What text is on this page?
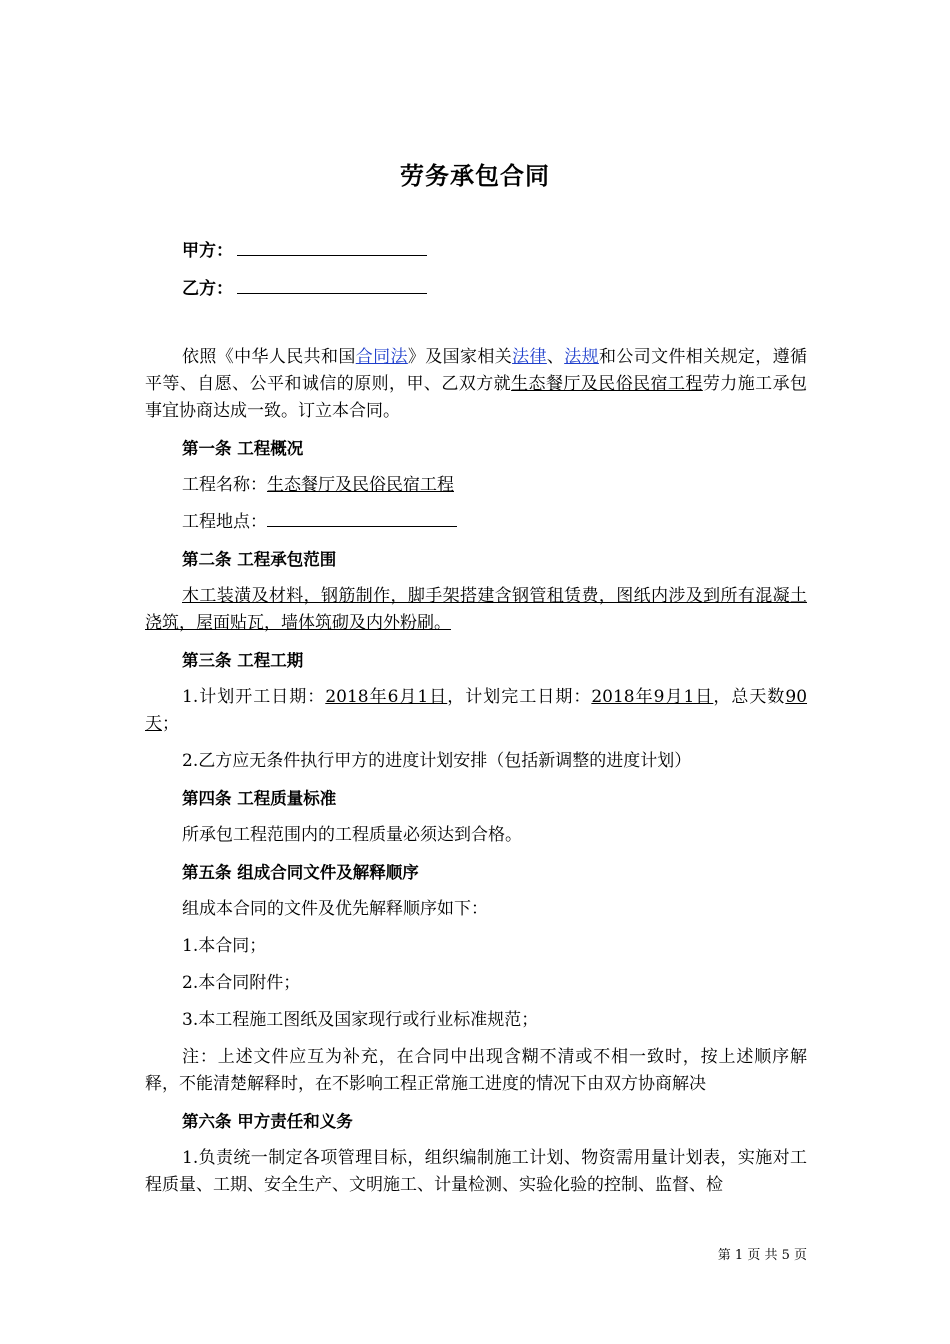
劳务承包合同
甲方：
乙方：

依照《中华人民共和国合同法》及国家相关法律、法规和公司文件相关规定，遵循平等、自愿、公平和诚信的原则，甲、乙双方就生态餐厅及民俗民宿工程劳力施工承包事宜协商达成一致。订立本合同。

第一条 工程概况

工程名称：生态餐厅及民俗民宿工程

工程地点：

第二条 工程承包范围

木工装潢及材料，钢筋制作，脚手架搭建含钢管租赁费，图纸内涉及到所有混凝土浇筑，屋面贴瓦，墙体筑砌及内外粉刷。

第三条 工程工期

1.计划开工日期：2018年6月1日，计划完工日期：2018年9月1日，总天数90天；

2.乙方应无条件执行甲方的进度计划安排（包括新调整的进度计划）

第四条 工程质量标准

所承包工程范围内的工程质量必须达到合格。

第五条 组成合同文件及解释顺序

组成本合同的文件及优先解释顺序如下：

1.本合同；

2.本合同附件；

3.本工程施工图纸及国家现行或行业标准规范；

注：上述文件应互为补充，在合同中出现含糊不清或不相一致时，按上述顺序解释，不能清楚解释时，在不影响工程正常施工进度的情况下由双方协商解决

第六条 甲方责任和义务

1.负责统一制定各项管理目标，组织编制施工计划、物资需用量计划表，实施对工程质量、工期、安全生产、文明施工、计量检测、实验化验的控制、监督、检

第 1 页 共 5 页
